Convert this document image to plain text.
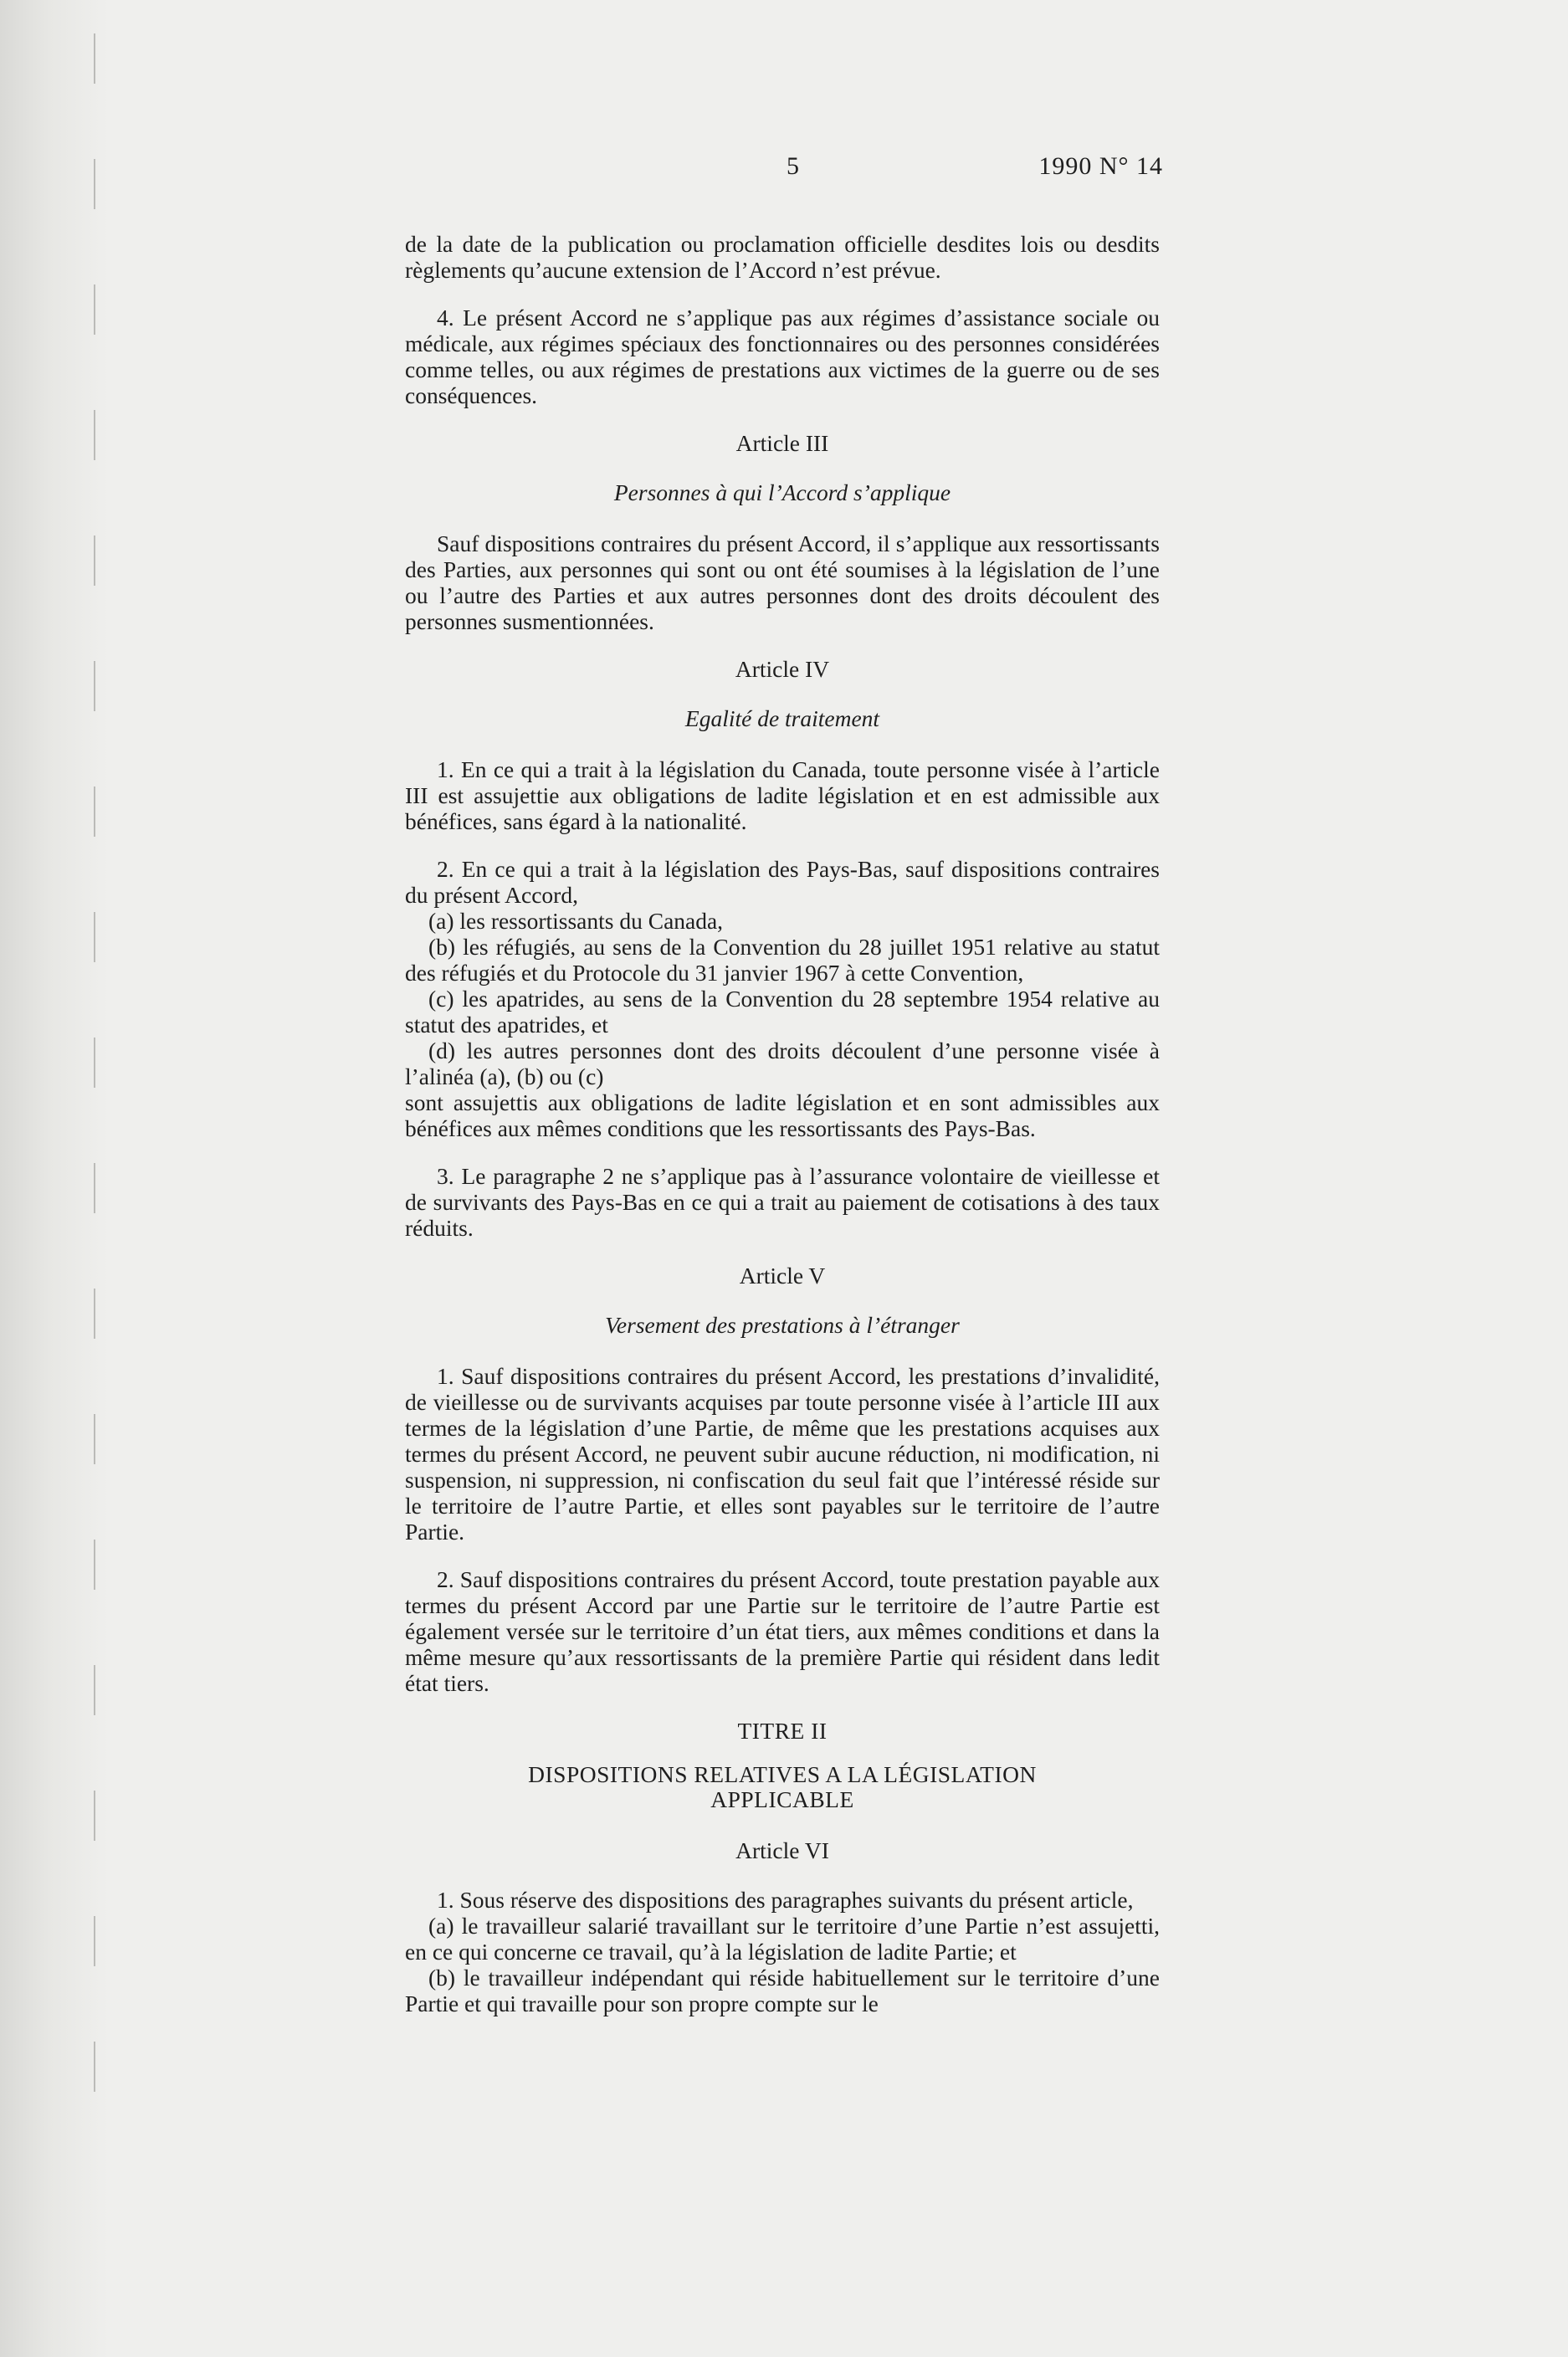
5	1990 N° 14

de la date de la publication ou proclamation officielle desdites lois ou desdits règlements qu’aucune extension de l’Accord n’est prévue.

4. Le présent Accord ne s’applique pas aux régimes d’assistance sociale ou médicale, aux régimes spéciaux des fonctionnaires ou des personnes considérées comme telles, ou aux régimes de prestations aux victimes de la guerre ou de ses conséquences.

Article III
Personnes à qui l’Accord s’applique

Sauf dispositions contraires du présent Accord, il s’applique aux ressortissants des Parties, aux personnes qui sont ou ont été soumises à la législation de l’une ou l’autre des Parties et aux autres personnes dont des droits découlent des personnes susmentionnées.

Article IV
Egalité de traitement

1. En ce qui a trait à la législation du Canada, toute personne visée à l’article III est assujettie aux obligations de ladite législation et en est admissible aux bénéfices, sans égard à la nationalité.

2. En ce qui a trait à la législation des Pays-Bas, sauf dispositions contraires du présent Accord,

(a) les ressortissants du Canada,

(b) les réfugiés, au sens de la Convention du 28 juillet 1951 relative au statut des réfugiés et du Protocole du 31 janvier 1967 à cette Convention,

(c) les apatrides, au sens de la Convention du 28 septembre 1954 relative au statut des apatrides, et

(d) les autres personnes dont des droits découlent d’une personne visée à l’alinéa (a), (b) ou (c)

sont assujettis aux obligations de ladite législation et en sont admissibles aux bénéfices aux mêmes conditions que les ressortissants des Pays-Bas.

3. Le paragraphe 2 ne s’applique pas à l’assurance volontaire de vieillesse et de survivants des Pays-Bas en ce qui a trait au paiement de cotisations à des taux réduits.

Article V
Versement des prestations à l’étranger

1. Sauf dispositions contraires du présent Accord, les prestations d’invalidité, de vieillesse ou de survivants acquises par toute personne visée à l’article III aux termes de la législation d’une Partie, de même que les prestations acquises aux termes du présent Accord, ne peuvent subir aucune réduction, ni modification, ni suspension, ni suppression, ni confiscation du seul fait que l’intéressé réside sur le territoire de l’autre Partie, et elles sont payables sur le territoire de l’autre Partie.

2. Sauf dispositions contraires du présent Accord, toute prestation payable aux termes du présent Accord par une Partie sur le territoire de l’autre Partie est également versée sur le territoire d’un état tiers, aux mêmes conditions et dans la même mesure qu’aux ressortissants de la première Partie qui résident dans ledit état tiers.

TITRE II
DISPOSITIONS RELATIVES A LA LÉGISLATION
APPLICABLE
Article VI

1. Sous réserve des dispositions des paragraphes suivants du présent article,

(a) le travailleur salarié travaillant sur le territoire d’une Partie n’est assujetti, en ce qui concerne ce travail, qu’à la législation de ladite Partie; et

(b) le travailleur indépendant qui réside habituellement sur le territoire d’une Partie et qui travaille pour son propre compte sur le
